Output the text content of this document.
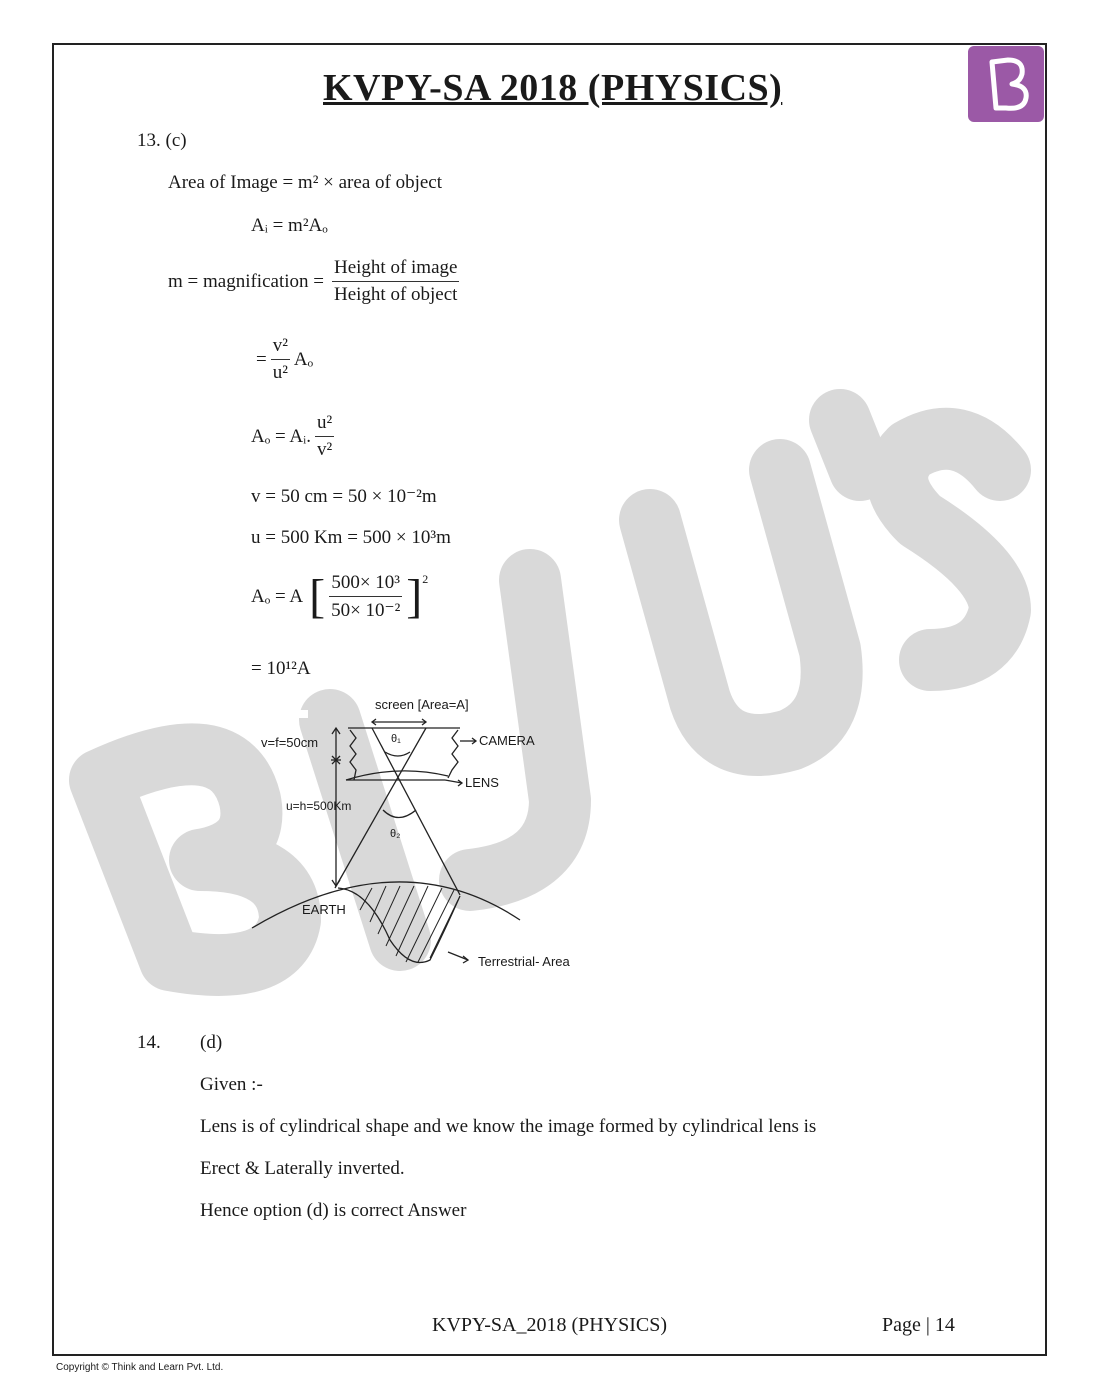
KVPY-SA 2018 (PHYSICS)
13. (c)
Area of Image = m² × area of object
Aᵢ = m²Aₒ
m = magnification = $\frac{\text{Height of image}}{\text{Height of object}}$
= $\frac{\text{v²}}{\text{u²}}$ Aₒ
Aₒ = Aᵢ. $\frac{\text{u²}}{\text{v²}}$
v = 50 cm = 50 × 10⁻²m
u = 500 Km = 500 × 10³m
Aₒ = A [ $\frac{\text{500× 10³}}{\text{50× 10⁻²}}$ ] 2
= 10¹²A
screen [Area=A]
v=f=50cm	CAMERA
LENS
u=h=500Km
θ₁
θ₂
EARTH
Terrestrial- Area
14. (d)
Given :-
Lens is of cylindrical shape and we know the image formed by cylindrical lens is
Erect & Laterally inverted.
Hence option (d) is correct Answer
KVPY-SA_2018 (PHYSICS)	Page | 14
Copyright © Think and Learn Pvt. Ltd.
